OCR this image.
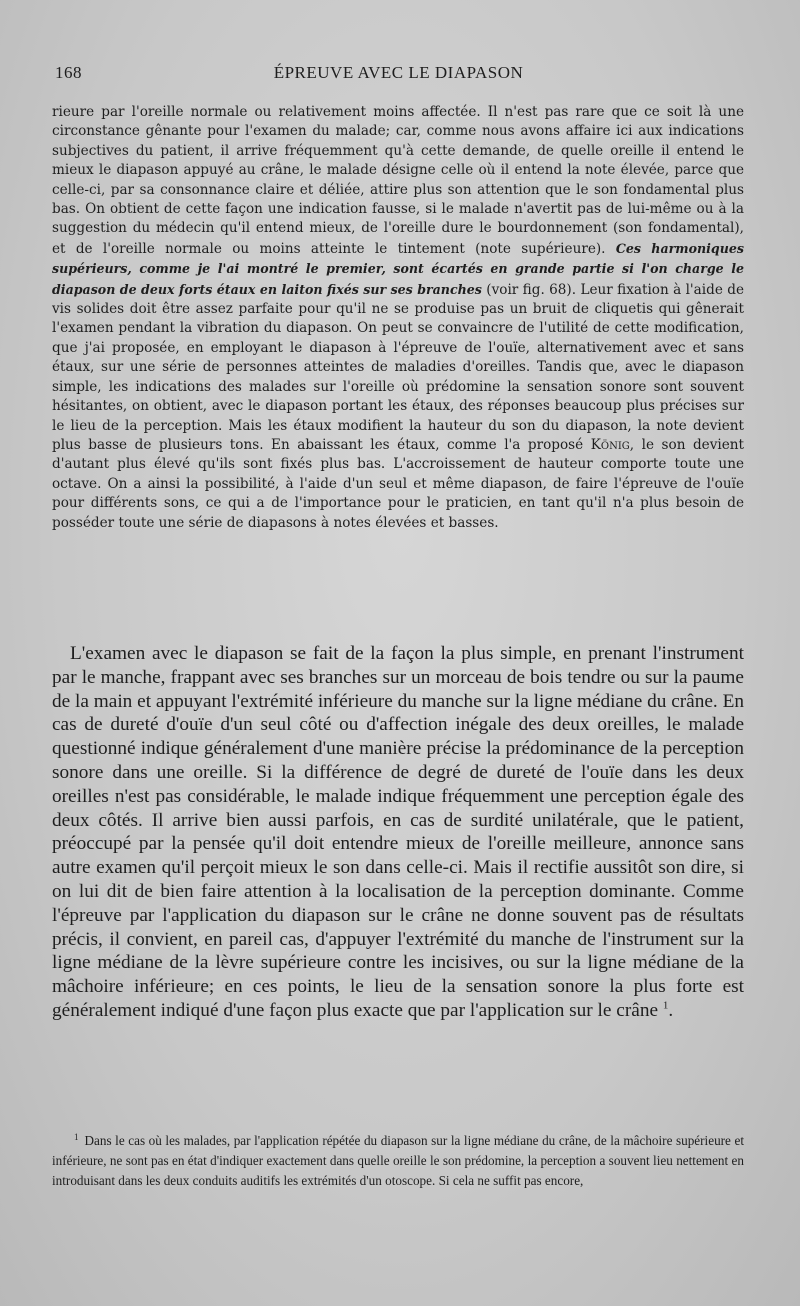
168	ÉPREUVE AVEC LE DIAPASON
rieure par l'oreille normale ou relativement moins affectée. Il n'est pas rare que ce soit là une circonstance gênante pour l'examen du malade; car, comme nous avons affaire ici aux indications subjectives du patient, il arrive fréquemment qu'à cette demande, de quelle oreille il entend le mieux le diapason appuyé au crâne, le malade désigne celle où il entend la note élevée, parce que celle-ci, par sa consonnance claire et déliée, attire plus son attention que le son fondamental plus bas. On obtient de cette façon une indication fausse, si le malade n'avertit pas de lui-même ou à la suggestion du médecin qu'il entend mieux, de l'oreille dure le bourdonnement (son fondamental), et de l'oreille normale ou moins atteinte le tintement (note supérieure). Ces harmoniques supérieurs, comme je l'ai montré le premier, sont écartés en grande partie si l'on charge le diapason de deux forts étaux en laiton fixés sur ses branches (voir fig. 68). Leur fixation à l'aide de vis solides doit être assez parfaite pour qu'il ne se produise pas un bruit de cliquetis qui gênerait l'examen pendant la vibration du diapason. On peut se convaincre de l'utilité de cette modification, que j'ai proposée, en employant le diapason à l'épreuve de l'ouïe, alternativement avec et sans étaux, sur une série de personnes atteintes de maladies d'oreilles. Tandis que, avec le diapason simple, les indications des malades sur l'oreille où prédomine la sensation sonore sont souvent hésitantes, on obtient, avec le diapason portant les étaux, des réponses beaucoup plus précises sur le lieu de la perception. Mais les étaux modifient la hauteur du son du diapason, la note devient plus basse de plusieurs tons. En abaissant les étaux, comme l'a proposé König, le son devient d'autant plus élevé qu'ils sont fixés plus bas. L'accroissement de hauteur comporte toute une octave. On a ainsi la possibilité, à l'aide d'un seul et même diapason, de faire l'épreuve de l'ouïe pour différents sons, ce qui a de l'importance pour le praticien, en tant qu'il n'a plus besoin de posséder toute une série de diapasons à notes élevées et basses.
L'examen avec le diapason se fait de la façon la plus simple, en prenant l'instrument par le manche, frappant avec ses branches sur un morceau de bois tendre ou sur la paume de la main et appuyant l'extrémité inférieure du manche sur la ligne médiane du crâne. En cas de dureté d'ouïe d'un seul côté ou d'affection inégale des deux oreilles, le malade questionné indique généralement d'une manière précise la prédominance de la perception sonore dans une oreille. Si la différence de degré de dureté de l'ouïe dans les deux oreilles n'est pas considérable, le malade indique fréquemment une perception égale des deux côtés. Il arrive bien aussi parfois, en cas de surdité unilatérale, que le patient, préoccupé par la pensée qu'il doit entendre mieux de l'oreille meilleure, annonce sans autre examen qu'il perçoit mieux le son dans celle-ci. Mais il rectifie aussitôt son dire, si on lui dit de bien faire attention à la localisation de la perception dominante. Comme l'épreuve par l'application du diapason sur le crâne ne donne souvent pas de résultats précis, il convient, en pareil cas, d'appuyer l'extrémité du manche de l'instrument sur la ligne médiane de la lèvre supérieure contre les incisives, ou sur la ligne médiane de la mâchoire inférieure; en ces points, le lieu de la sensation sonore la plus forte est généralement indiqué d'une façon plus exacte que par l'application sur le crâne $^1$.
$^1$ Dans le cas où les malades, par l'application répétée du diapason sur la ligne médiane du crâne, de la mâchoire supérieure et inférieure, ne sont pas en état d'indiquer exactement dans quelle oreille le son prédomine, la perception a souvent lieu nettement en introduisant dans les deux conduits auditifs les extrémités d'un otoscope. Si cela ne suffit pas encore,
